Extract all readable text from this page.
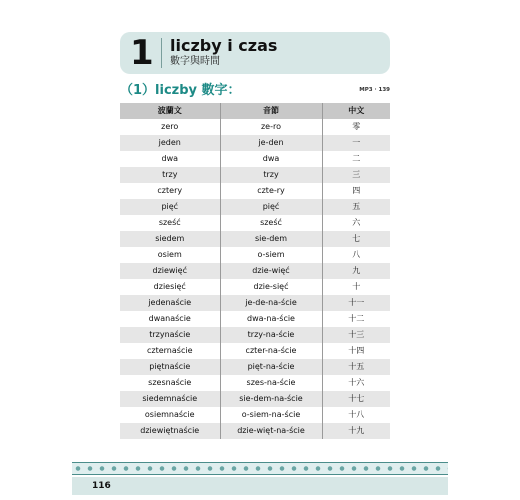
1 liczby i czas
數字與時間
（1）liczby 數字：	MP3 · 139
波蘭文	音節	中文
zero	ze-ro	零
jeden	je-den	一
dwa	dwa	二
trzy	trzy	三
cztery	czte-ry	四
pięć	pięć	五
sześć	sześć	六
siedem	sie-dem	七
osiem	o-siem	八
dziewięć	dzie-więć	九
dziesięć	dzie-sięć	十
jedenaście	je-de-na-ście	十一
dwanaście	dwa-na-ście	十二
trzynaście	trzy-na-ście	十三
czternaście	czter-na-ście	十四
piętnaście	pięt-na-ście	十五
szesnaście	szes-na-ście	十六
siedemnaście	sie-dem-na-ście	十七
osiemnaście	o-siem-na-ście	十八
dziewiętnaście	dzie-więt-na-ście	十九
116
